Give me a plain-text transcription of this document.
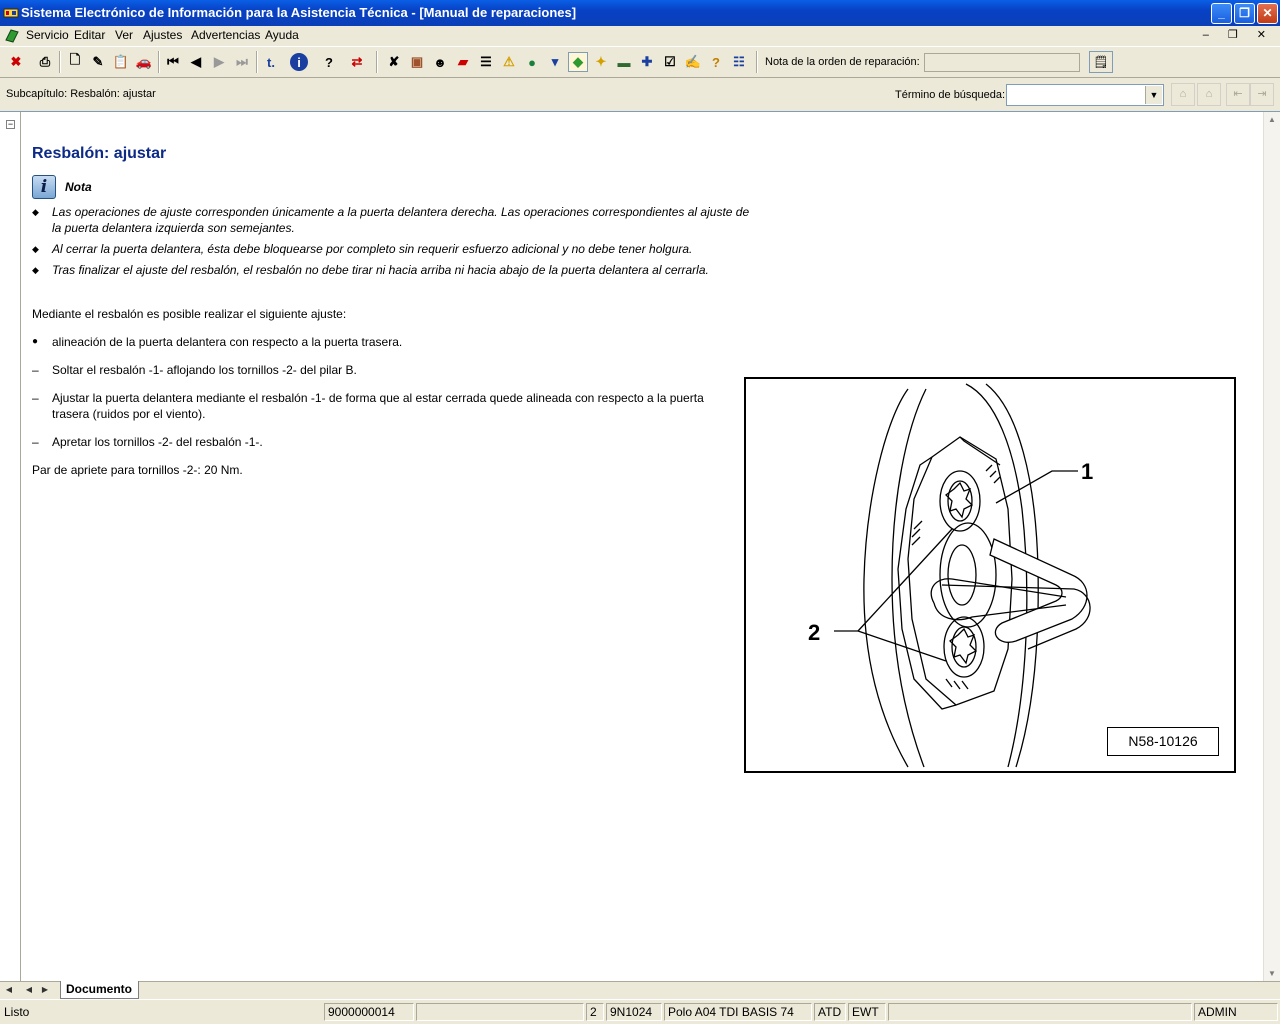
Sistema Electrónico de Información para la Asistencia Técnica - [Manual de reparaciones]	_	❐	✕
Servicio Editar Ver Ajustes Advertencias Ayuda	– ❐ ✕
✖	⎙	🗋 ✎ 📋 🚗	⏮ ◀	▶ ⏭	t.	i	?	⇄	✘ ▣ ☻ ▰ ☰ ⚠	●	▾	◆ ✦ ▬ ✚ ☑ ✍ ?	☷	Nota de la orden de reparación:	🗒
Subcapítulo: Resbalón: ajustar	Término de búsqueda:	▼	⌂	⌂	⇤	⇥
−
Resbalón: ajustar
i	Nota
◆	Las operaciones de ajuste corresponden únicamente a la puerta delantera derecha. Las operaciones correspondientes al ajuste de la puerta delantera izquierda son semejantes.
◆	Al cerrar la puerta delantera, ésta debe bloquearse por completo sin requerir esfuerzo adicional y no debe tener holgura.
◆	Tras finalizar el ajuste del resbalón, el resbalón no debe tirar ni hacia arriba ni hacia abajo de la puerta delantera al cerrarla.
Mediante el resbalón es posible realizar el siguiente ajuste:
●	alineación de la puerta delantera con respecto a la puerta trasera.
–	Soltar el resbalón -1- aflojando los tornillos -2- del pilar B.
–	Ajustar la puerta delantera mediante el resbalón -1- de forma que al estar cerrada quede alineada con respecto a la puerta trasera (ruidos por el viento).
–	Apretar los tornillos -2- del resbalón -1-.
Par de apriete para tornillos -2-: 20 Nm.	1
2
N58-10126
▲
▼
◀	◀	▶	Documento
Listo	9000000014	2	9N1024	Polo A04 TDI BASIS 74	ATD EWT	ADMIN
